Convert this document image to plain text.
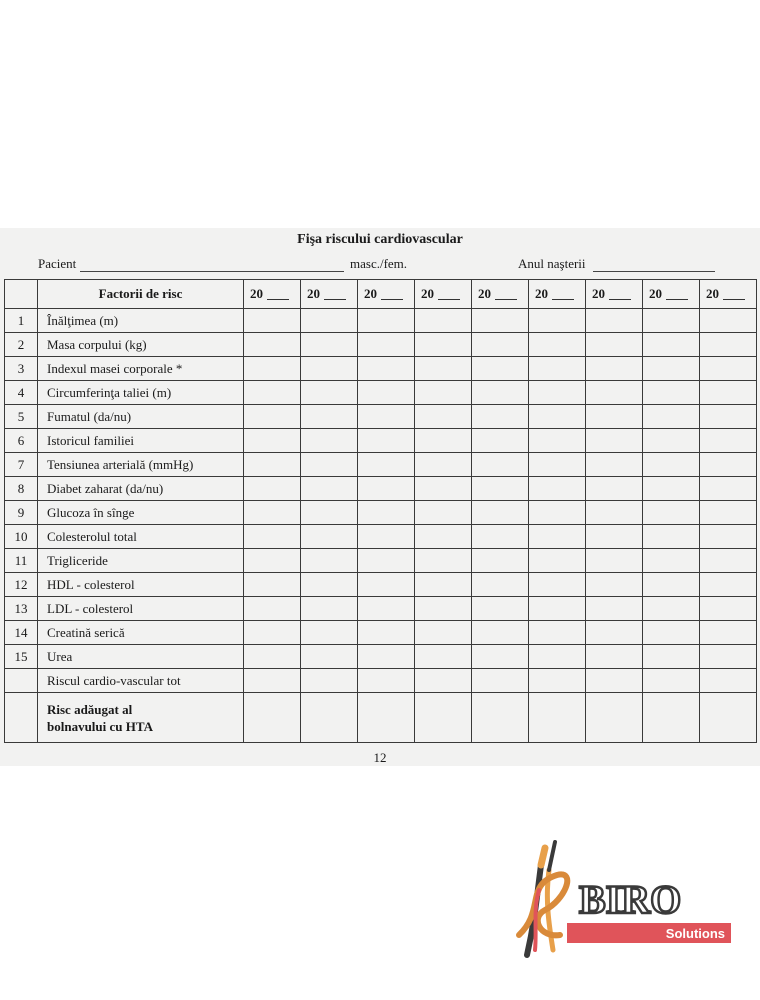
Fişa riscului cardiovascular
Pacient	masc./fem.	Anul naşterii
	Factorii de risc	20	20	20	20	20	20	20	20	20
1	Înălţimea (m)									
2	Masa corpului (kg)									
3	Indexul masei corporale *									
4	Circumferinţa taliei (m)									
5	Fumatul (da/nu)									
6	Istoricul familiei									
7	Tensiunea arterială (mmHg)									
8	Diabet zaharat (da/nu)									
9	Glucoza în sînge									
10	Colesterolul total									
11	Trigliceride									
12	HDL - colesterol									
13	LDL - colesterol									
14	Creatină serică									
15	Urea									
	Riscul cardio-vascular tot									

	Risc adăugat al
bolnavului cu HTA									

12
BIRO
Solutions
